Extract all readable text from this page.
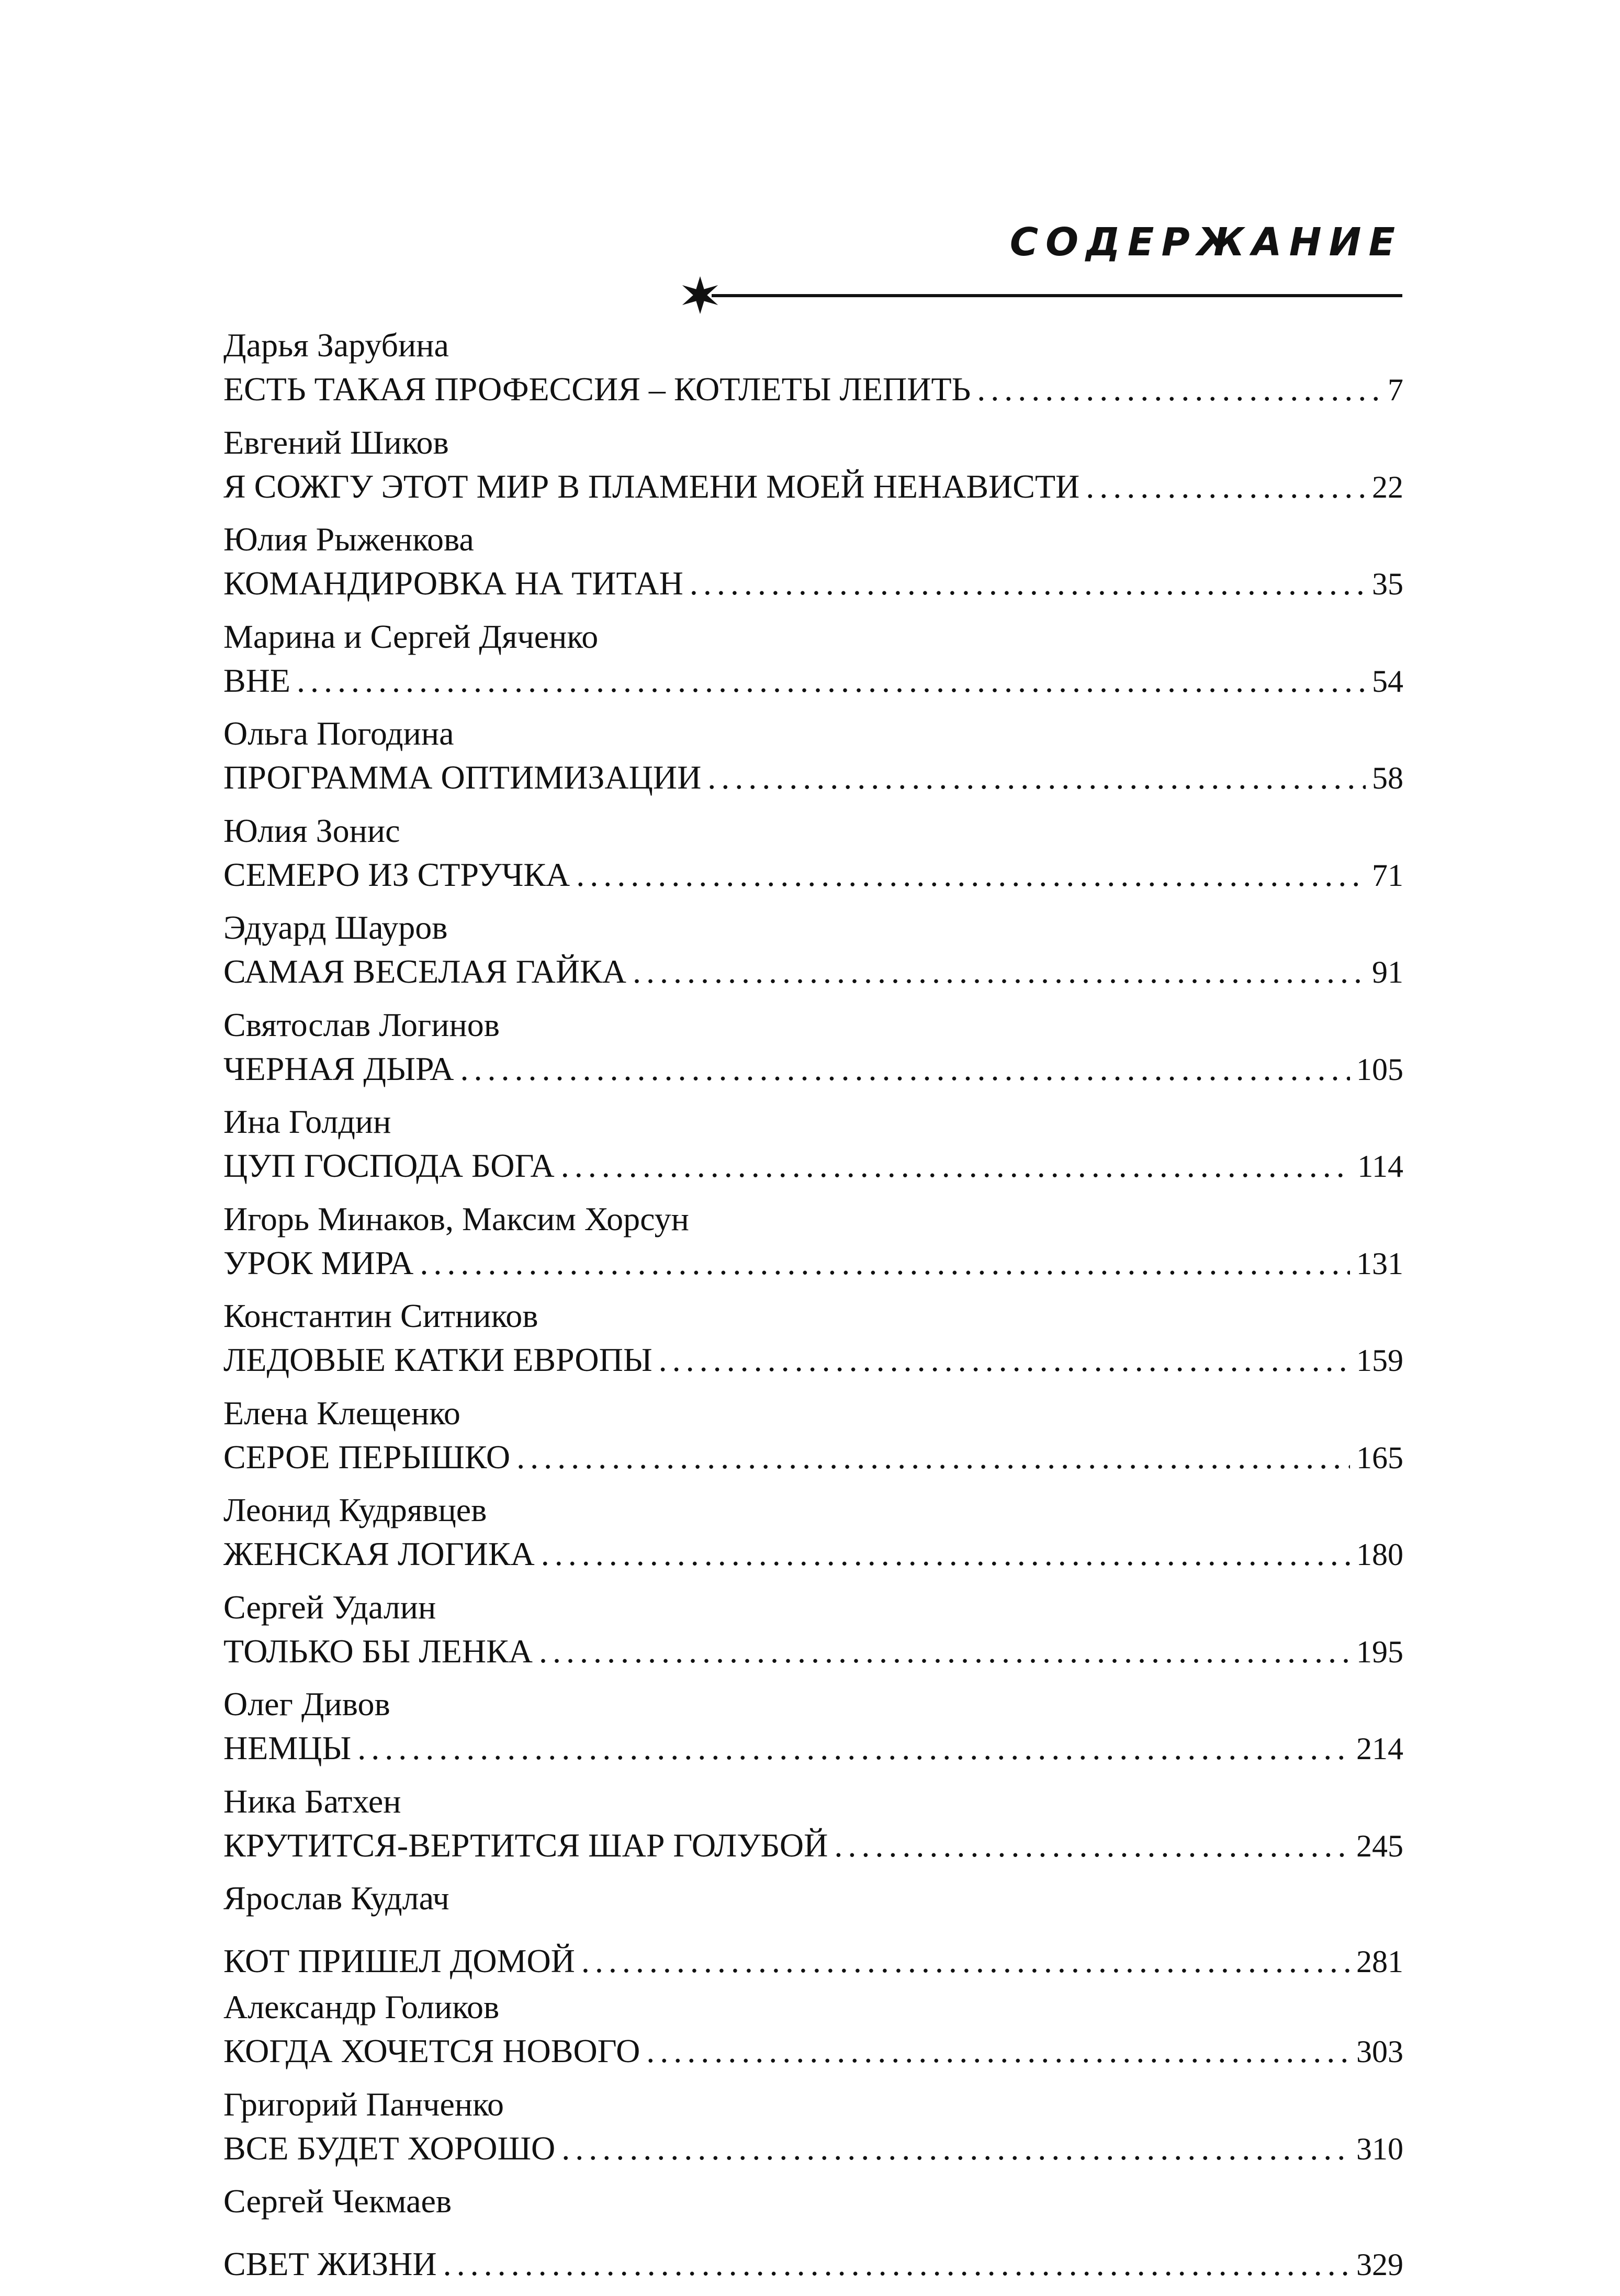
СОДЕРЖАНИЕ
Дарья Зарубина
ЕСТЬ ТАКАЯ ПРОФЕССИЯ – КОТЛЕТЫ ЛЕПИТЬ .....	7
Евгений Шиков
Я СОЖГУ ЭТОТ МИР В ПЛАМЕНИ МОЕЙ НЕНАВИСТИ .....	22
Юлия Рыженкова
КОМАНДИРОВКА НА ТИТАН .....	35
Марина и Сергей Дяченко
ВНЕ .....	54
Ольга Погодина
ПРОГРАММА ОПТИМИЗАЦИИ .....	58
Юлия Зонис
СЕМЕРО ИЗ СТРУЧКА .....	71
Эдуард Шауров
САМАЯ ВЕСЕЛАЯ ГАЙКА .....	91
Святослав Логинов
ЧЕРНАЯ ДЫРА .....	105
Ина Голдин
ЦУП ГОСПОДА БОГА .....	114
Игорь Минаков, Максим Хорсун
УРОК МИРА .....	131
Константин Ситников
ЛЕДОВЫЕ КАТКИ ЕВРОПЫ .....	159
Елена Клещенко
СЕРОЕ ПЕРЫШКО .....	165
Леонид Кудрявцев
ЖЕНСКАЯ ЛОГИКА .....	180
Сергей Удалин
ТОЛЬКО БЫ ЛЕНКА .....	195
Олег Дивов
НЕМЦЫ .....	214
Ника Батхен
КРУТИТСЯ-ВЕРТИТСЯ ШАР ГОЛУБОЙ .....	245
Ярослав Кудлач
КОТ ПРИШЕЛ ДОМОЙ .....	281
Александр Голиков
КОГДА ХОЧЕТСЯ НОВОГО .....	303
Григорий Панченко
ВСЕ БУДЕТ ХОРОШО .....	310
Сергей Чекмаев
СВЕТ ЖИЗНИ .....	329
